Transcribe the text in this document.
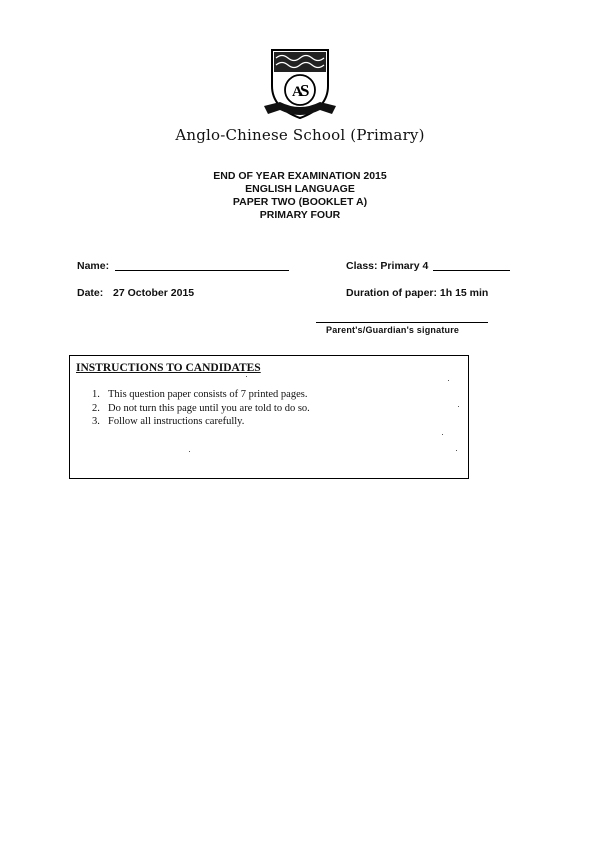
A
S
Anglo-Chinese School (Primary)
END OF YEAR EXAMINATION 2015
ENGLISH LANGUAGE
PAPER TWO (BOOKLET A)
PRIMARY FOUR
Name:	Class: Primary 4
Date: 27 October 2015	Duration of paper: 1h 15 min
Parent's/Guardian's signature
INSTRUCTIONS TO CANDIDATES
1. This question paper consists of 7 printed pages.
2. Do not turn this page until you are told to do so.
3. Follow all instructions carefully.
